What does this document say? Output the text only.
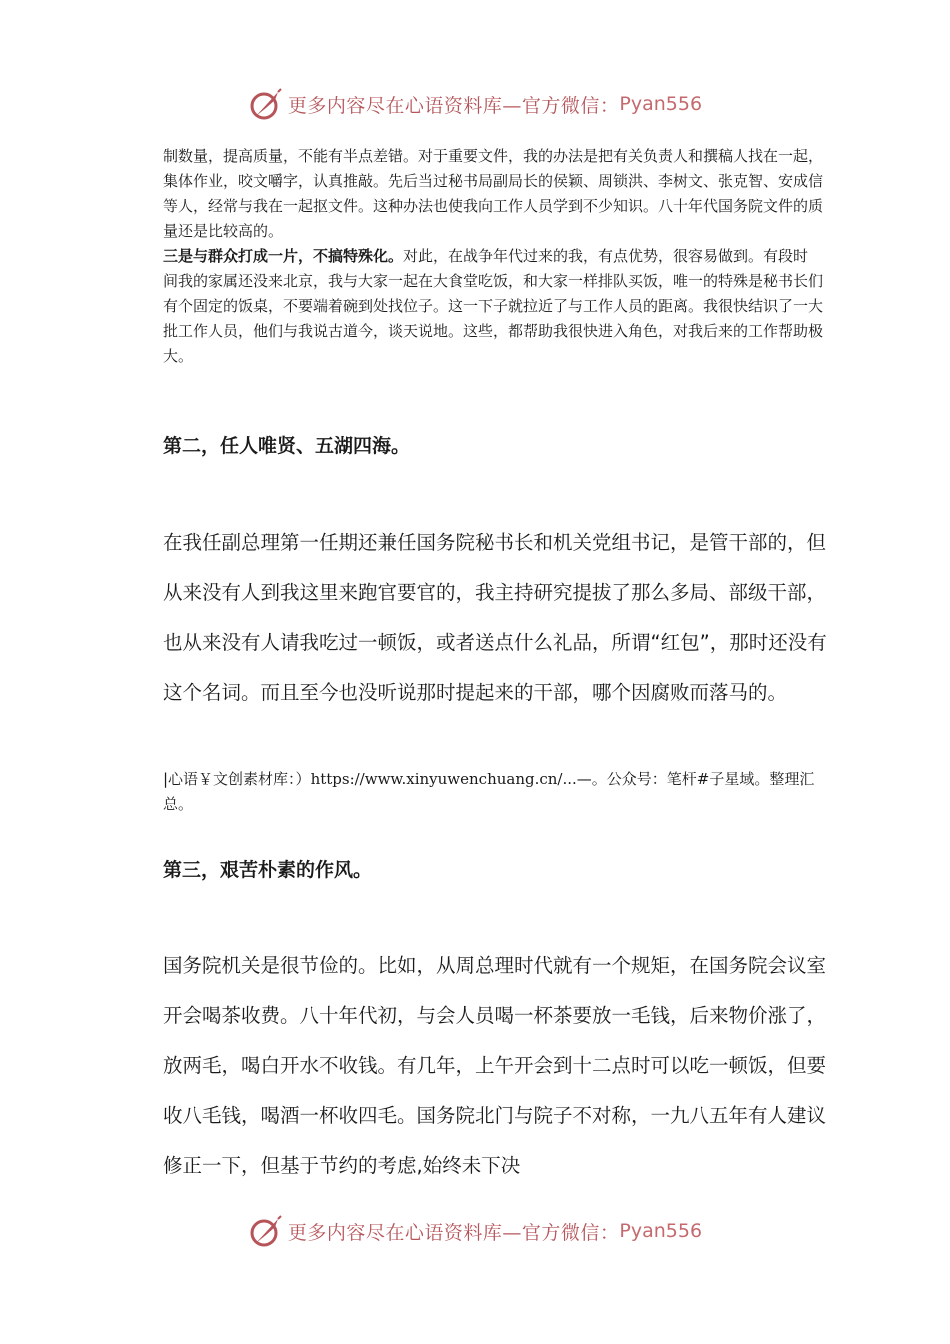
更多内容尽在心语资料库—官方微信： Pyan556

制数量，提高质量，不能有半点差错。对于重要文件，我的办法是把有关负责人和撰稿人找在一起，集体作业，咬文嚼字，认真推敲。先后当过秘书局副局长的侯颖、周锁洪、李树文、张克智、安成信等人，经常与我在一起抠文件。这种办法也使我向工作人员学到不少知识。八十年代国务院文件的质量还是比较高的。

三是与群众打成一片，不搞特殊化。对此，在战争年代过来的我，有点优势，很容易做到。有段时间我的家属还没来北京，我与大家一起在大食堂吃饭，和大家一样排队买饭，唯一的特殊是秘书长们有个固定的饭桌，不要端着碗到处找位子。这一下子就拉近了与工作人员的距离。我很快结识了一大批工作人员，他们与我说古道今，谈天说地。这些，都帮助我很快进入角色，对我后来的工作帮助极大。

第二，任人唯贤、五湖四海。

在我任副总理第一任期还兼任国务院秘书长和机关党组书记，是管干部的，但从来没有人到我这里来跑官要官的，我主持研究提拔了那么多局、部级干部，也从来没有人请我吃过一顿饭，或者送点什么礼品，所谓“红包”，那时还没有这个名词。而且至今也没听说那时提起来的干部，哪个因腐败而落马的。

|心语￥文创素材库：）https://www.xinyuwenchuang.cn/...—。公众号：笔杆#子星域。整理汇总。

第三，艰苦朴素的作风。

国务院机关是很节俭的。比如，从周总理时代就有一个规矩，在国务院会议室开会喝茶收费。八十年代初，与会人员喝一杯茶要放一毛钱，后来物价涨了，放两毛，喝白开水不收钱。有几年，上午开会到十二点时可以吃一顿饭，但要收八毛钱，喝酒一杯收四毛。国务院北门与院子不对称，一九八五年有人建议修正一下，但基于节约的考虑,始终未下决

更多内容尽在心语资料库—官方微信： Pyan556
